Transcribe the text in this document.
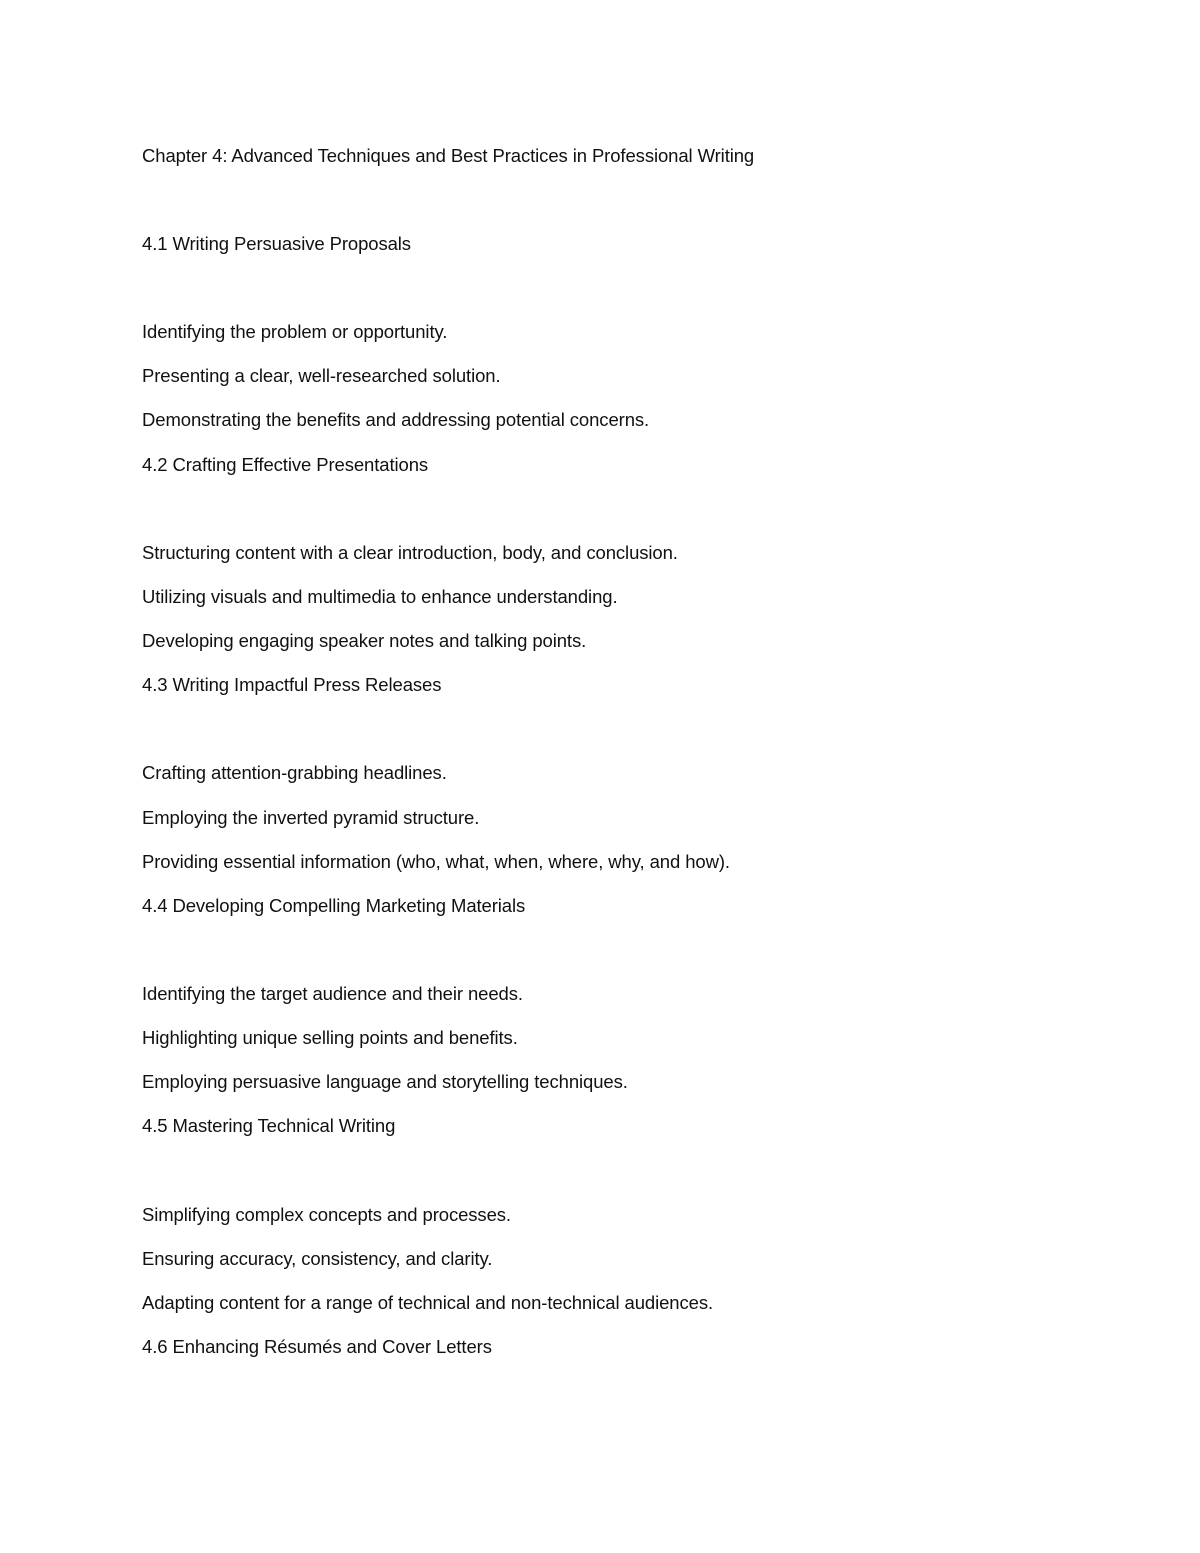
Chapter 4: Advanced Techniques and Best Practices in Professional Writing
4.1 Writing Persuasive Proposals
Identifying the problem or opportunity.
Presenting a clear, well-researched solution.
Demonstrating the benefits and addressing potential concerns.
4.2 Crafting Effective Presentations
Structuring content with a clear introduction, body, and conclusion.
Utilizing visuals and multimedia to enhance understanding.
Developing engaging speaker notes and talking points.
4.3 Writing Impactful Press Releases
Crafting attention-grabbing headlines.
Employing the inverted pyramid structure.
Providing essential information (who, what, when, where, why, and how).
4.4 Developing Compelling Marketing Materials
Identifying the target audience and their needs.
Highlighting unique selling points and benefits.
Employing persuasive language and storytelling techniques.
4.5 Mastering Technical Writing
Simplifying complex concepts and processes.
Ensuring accuracy, consistency, and clarity.
Adapting content for a range of technical and non-technical audiences.
4.6 Enhancing Résumés and Cover Letters
